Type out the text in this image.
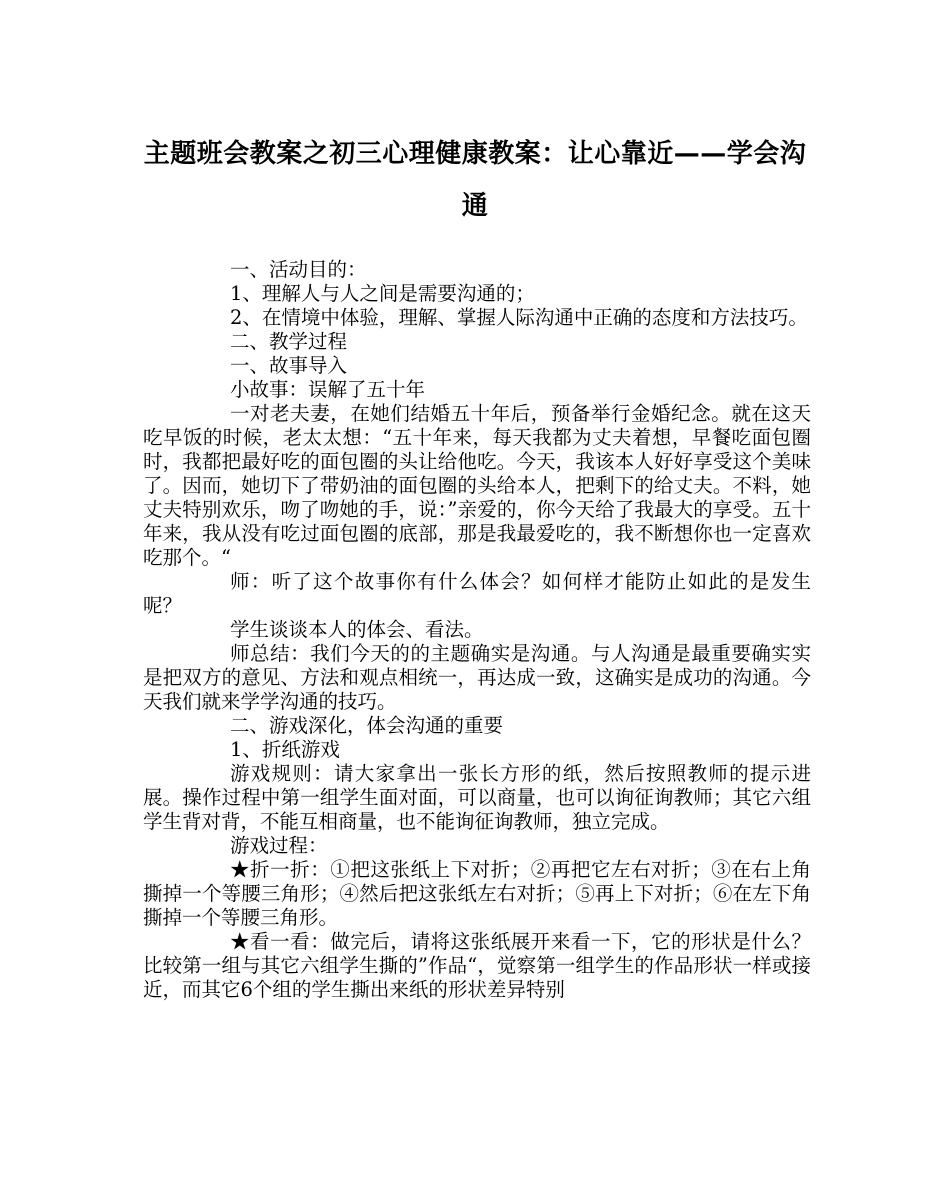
主题班会教案之初三心理健康教案：让心靠近——学会沟通

一、活动目的：

1、理解人与人之间是需要沟通的；

2、在情境中体验，理解、掌握人际沟通中正确的态度和方法技巧。

二、教学过程

一、故事导入

小故事：误解了五十年

一对老夫妻，在她们结婚五十年后，预备举行金婚纪念。就在这天吃早饭的时候，老太太想：“五十年来，每天我都为丈夫着想，早餐吃面包圈时，我都把最好吃的面包圈的头让给他吃。今天，我该本人好好享受这个美味了。因而，她切下了带奶油的面包圈的头给本人，把剩下的给丈夫。不料，她丈夫特别欢乐，吻了吻她的手，说：”亲爱的，你今天给了我最大的享受。五十年来，我从没有吃过面包圈的底部，那是我最爱吃的，我不断想你也一定喜欢吃那个。“

师：听了这个故事你有什么体会？如何样才能防止如此的是发生呢？

学生谈谈本人的体会、看法。

师总结：我们今天的的主题确实是沟通。与人沟通是最重要确实实是把双方的意见、方法和观点相统一，再达成一致，这确实是成功的沟通。今天我们就来学学沟通的技巧。

二、游戏深化，体会沟通的重要

1、折纸游戏

游戏规则：请大家拿出一张长方形的纸，然后按照教师的提示进展。操作过程中第一组学生面对面，可以商量，也可以询征询教师；其它六组学生背对背，不能互相商量，也不能询征询教师，独立完成。

游戏过程：

★折一折：①把这张纸上下对折；②再把它左右对折；③在右上角撕掉一个等腰三角形；④然后把这张纸左右对折；⑤再上下对折；⑥在左下角撕掉一个等腰三角形。

★看一看：做完后，请将这张纸展开来看一下，它的形状是什么？比较第一组与其它六组学生撕的”作品“，觉察第一组学生的作品形状一样或接近，而其它6个组的学生撕出来纸的形状差异特别
